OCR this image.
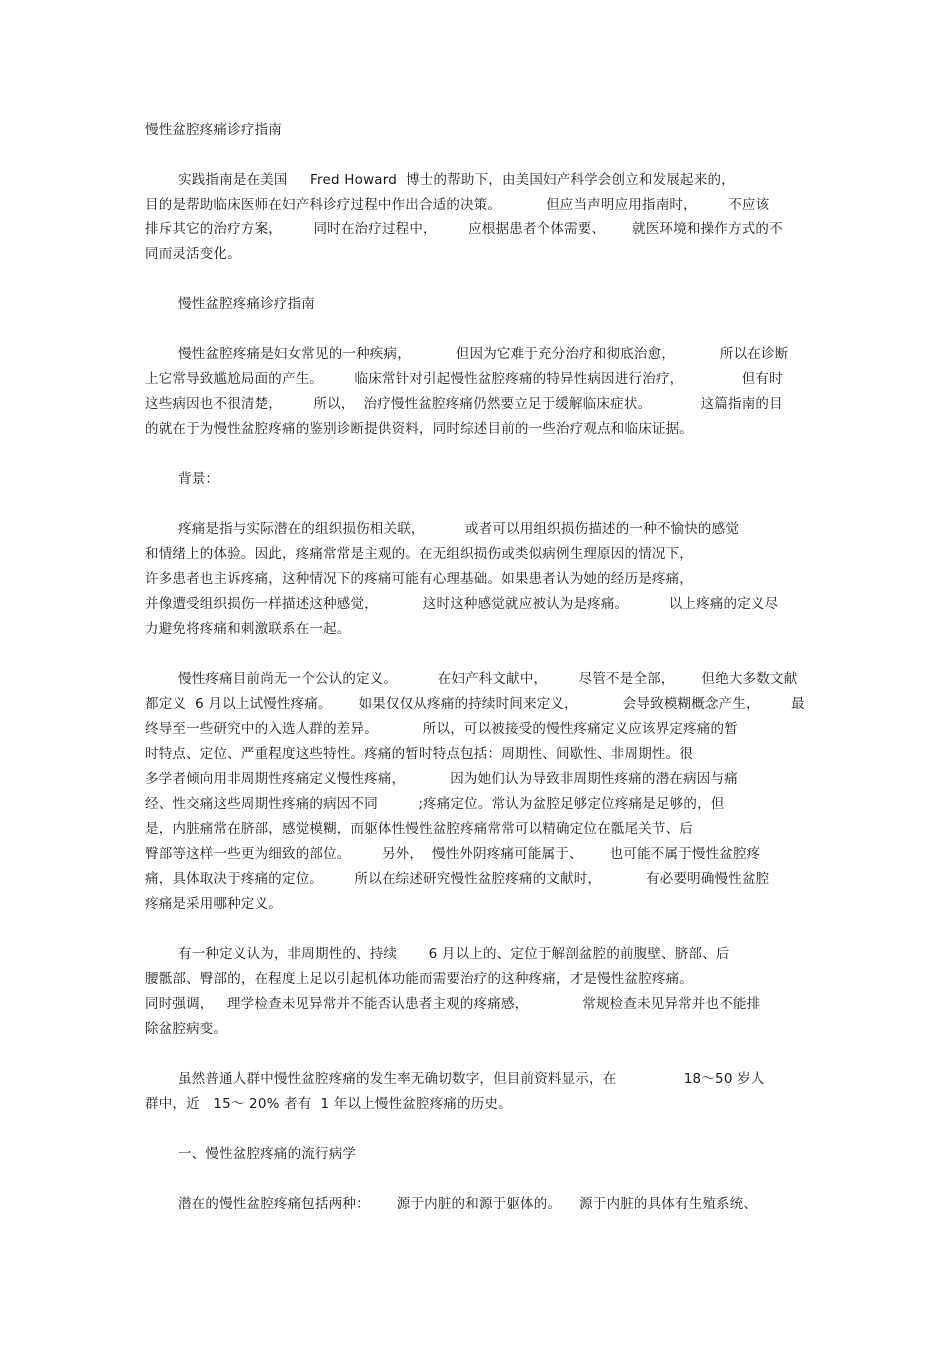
慢性盆腔疼痛诊疗指南
实践指南是在美国     Fred Howard  博士的帮助下，由美国妇产科学会创立和发展起来的，
目的是帮助临床医师在妇产科诊疗过程中作出合适的决策。          但应当声明应用指南时，       不应该
排斥其它的治疗方案，       同时在治疗过程中，       应根据患者个体需要、      就医环境和操作方式的不
同而灵活变化。
慢性盆腔疼痛诊疗指南
慢性盆腔疼痛是妇女常见的一种疾病，          但因为它难于充分治疗和彻底治愈，          所以在诊断
上它常导致尴尬局面的产生。       临床常针对引起慢性盆腔疼痛的特异性病因进行治疗，             但有时
这些病因也不很清楚，       所以，  治疗慢性盆腔疼痛仍然要立足于缓解临床症状。           这篇指南的目
的就在于为慢性盆腔疼痛的鉴别诊断提供资料，同时综述目前的一些治疗观点和临床证据。
背景：
疼痛是指与实际潜在的组织损伤相关联，         或者可以用组织损伤描述的一种不愉快的感觉
和情绪上的体验。因此，疼痛常常是主观的。在无组织损伤或类似病例生理原因的情况下，
许多患者也主诉疼痛，这种情况下的疼痛可能有心理基础。如果患者认为她的经历是疼痛，
并像遭受组织损伤一样描述这种感觉，          这时这种感觉就应被认为是疼痛。         以上疼痛的定义尽
力避免将疼痛和刺激联系在一起。
慢性疼痛目前尚无一个公认的定义。         在妇产科文献中，       尽管不是全部，      但绝大多数文献
都定义  6 月以上试慢性疼痛。      如果仅仅从疼痛的持续时间来定义，          会导致模糊概念产生，       最
终导至一些研究中的入选人群的差异。          所以，可以被接受的慢性疼痛定义应该界定疼痛的暂
时特点、定位、严重程度这些特性。疼痛的暂时特点包括：周期性、间歇性、非周期性。很
多学者倾向用非周期性疼痛定义慢性疼痛，          因为她们认为导致非周期性疼痛的潜在病因与痛
经、性交痛这些周期性疼痛的病因不同         ;疼痛定位。常认为盆腔足够定位疼痛是足够的，但
是，内脏痛常在脐部，感觉模糊，而躯体性慢性盆腔疼痛常常可以精确定位在骶尾关节、后
臀部等这样一些更为细致的部位。       另外，  慢性外阴疼痛可能属于、      也可能不属于慢性盆腔疼
痛，具体取决于疼痛的定位。       所以在综述研究慢性盆腔疼痛的文献时，          有必要明确慢性盆腔
疼痛是采用哪种定义。
有一种定义认为，非周期性的、持续       6 月以上的、定位于解剖盆腔的前腹壁、脐部、后
腰骶部、臀部的，在程度上足以引起机体功能而需要治疗的这种疼痛，才是慢性盆腔疼痛。
同时强调，   理学检查未见异常并不能否认患者主观的疼痛感，            常规检查未见异常并也不能排
除盆腔病变。
虽然普通人群中慢性盆腔疼痛的发生率无确切数字，但目前资料显示，在               18～50 岁人
群中，近   15～ 20% 者有  1 年以上慢性盆腔疼痛的历史。
一、慢性盆腔疼痛的流行病学
潜在的慢性盆腔疼痛包括两种：      源于内脏的和源于躯体的。    源于内脏的具体有生殖系统、
